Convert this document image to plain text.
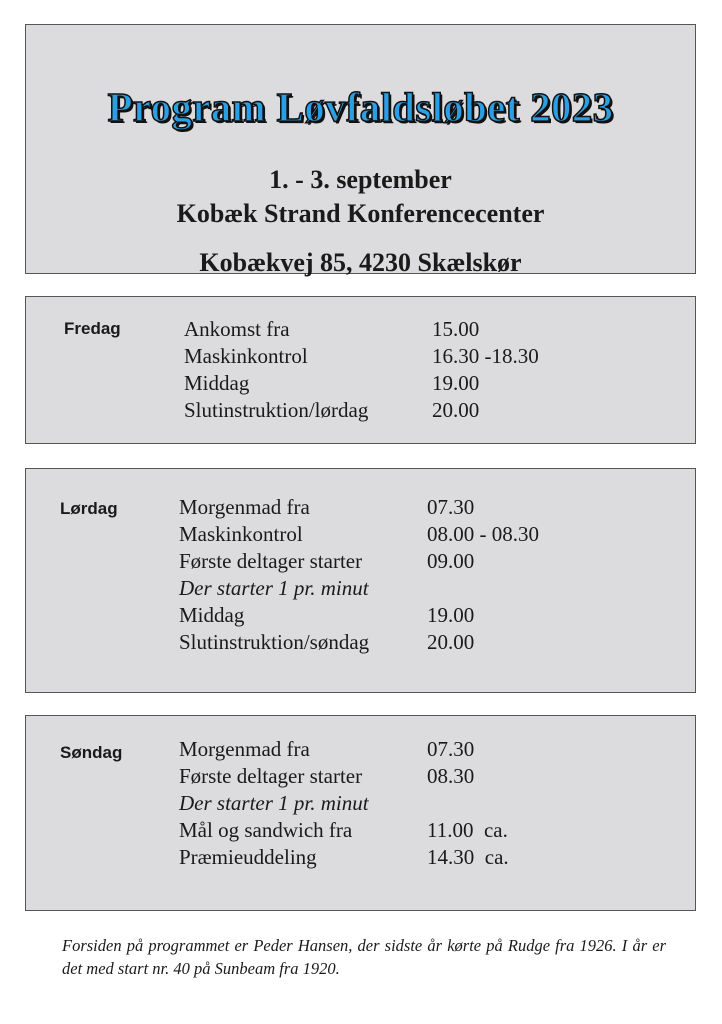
Program Løvfaldsløbet 2023
1. - 3. september
Kobæk Strand Konferencecenter
Kobækvej 85, 4230 Skælskør
Fredag	Ankomst fra	15.00
Maskinkontrol	16.30 -18.30
Middag	19.00
Slutinstruktion/lørdag	20.00
Lørdag	Morgenmad fra	07.30
Maskinkontrol	08.00 - 08.30
Første deltager starter	09.00
Der starter 1 pr. minut
Middag	19.00
Slutinstruktion/søndag	20.00
Søndag	Morgenmad fra	07.30
Første deltager starter	08.30
Der starter 1 pr. minut
Mål og sandwich fra	11.00  ca.
Præmieuddeling	14.30  ca.
Forsiden på programmet er Peder Hansen, der sidste år kørte på Rudge fra 1926. I år er det med start nr. 40 på Sunbeam fra 1920.
